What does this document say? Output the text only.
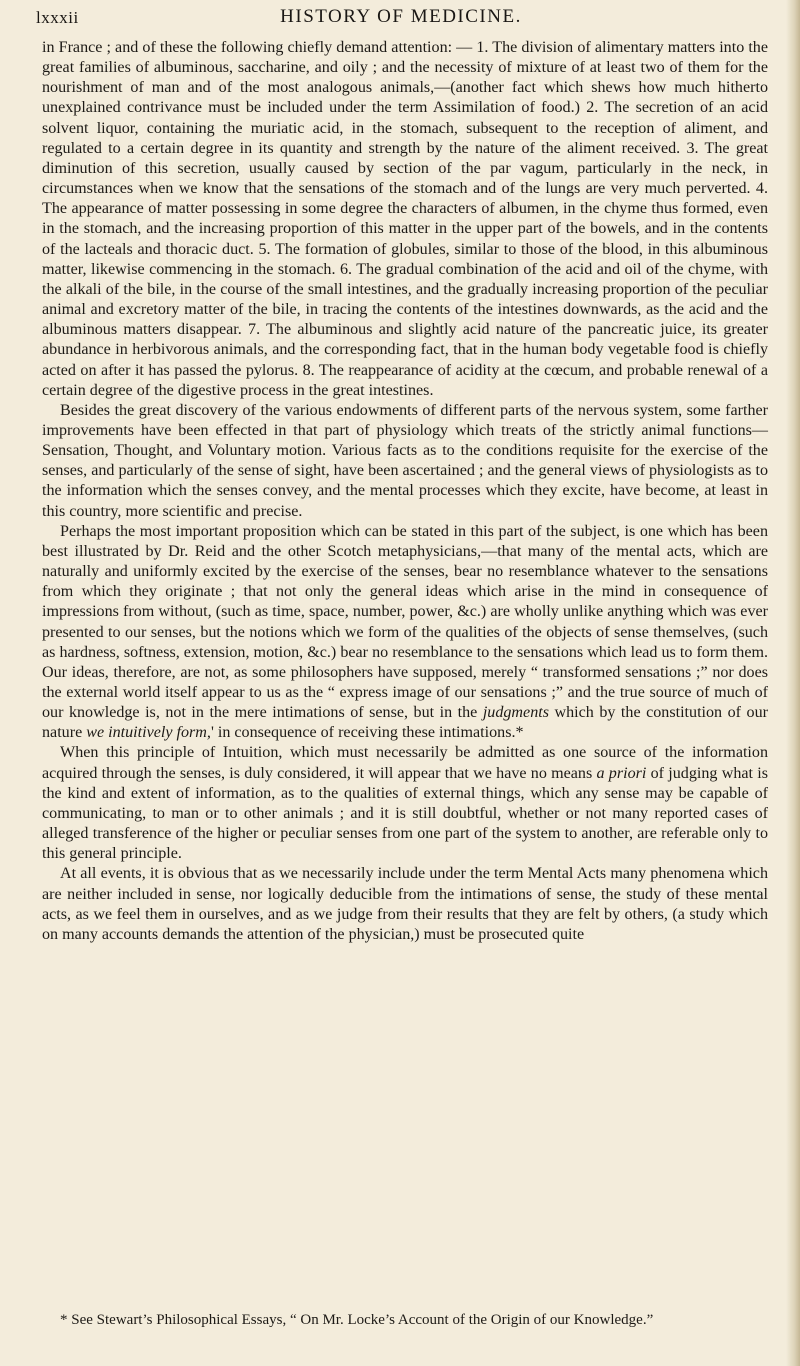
lxxxii	HISTORY OF MEDICINE.

in France ; and of these the following chiefly demand attention: — 1. The division of alimentary matters into the great families of albuminous, saccharine, and oily ; and the necessity of mixture of at least two of them for the nourishment of man and of the most analogous animals,—(another fact which shews how much hitherto unexplained contrivance must be included under the term Assimilation of food.) 2. The secretion of an acid solvent liquor, containing the muriatic acid, in the stomach, subsequent to the reception of aliment, and regulated to a certain degree in its quantity and strength by the nature of the aliment received. 3. The great diminution of this secretion, usually caused by section of the par vagum, particularly in the neck, in circumstances when we know that the sensations of the stomach and of the lungs are very much perverted. 4. The appearance of matter possessing in some degree the characters of albumen, in the chyme thus formed, even in the stomach, and the increasing proportion of this matter in the upper part of the bowels, and in the contents of the lacteals and thoracic duct. 5. The formation of globules, similar to those of the blood, in this albuminous matter, likewise commencing in the stomach. 6. The gradual combination of the acid and oil of the chyme, with the alkali of the bile, in the course of the small intestines, and the gradually increasing proportion of the peculiar animal and excretory matter of the bile, in tracing the contents of the intestines downwards, as the acid and the albuminous matters disappear. 7. The albuminous and slightly acid nature of the pancreatic juice, its greater abundance in herbivorous animals, and the corresponding fact, that in the human body vegetable food is chiefly acted on after it has passed the pylorus. 8. The reappearance of acidity at the cœcum, and probable renewal of a certain degree of the digestive process in the great intestines.

Besides the great discovery of the various endowments of different parts of the nervous system, some farther improvements have been effected in that part of physiology which treats of the strictly animal functions—Sensation, Thought, and Voluntary motion. Various facts as to the conditions requisite for the exercise of the senses, and particularly of the sense of sight, have been ascertained ; and the general views of physiologists as to the information which the senses convey, and the mental processes which they excite, have become, at least in this country, more scientific and precise.

Perhaps the most important proposition which can be stated in this part of the subject, is one which has been best illustrated by Dr. Reid and the other Scotch metaphysicians,—that many of the mental acts, which are naturally and uniformly excited by the exercise of the senses, bear no resemblance whatever to the sensations from which they originate ; that not only the general ideas which arise in the mind in consequence of impressions from without, (such as time, space, number, power, &c.) are wholly unlike anything which was ever presented to our senses, but the notions which we form of the qualities of the objects of sense themselves, (such as hardness, softness, extension, motion, &c.) bear no resemblance to the sensations which lead us to form them. Our ideas, therefore, are not, as some philosophers have supposed, merely “ transformed sensations ;” nor does the external world itself appear to us as the “ express image of our sensations ;” and the true source of much of our knowledge is, not in the mere intimations of sense, but in the judgments which by the constitution of our nature we intuitively form,' in consequence of receiving these intimations.*

When this principle of Intuition, which must necessarily be admitted as one source of the information acquired through the senses, is duly considered, it will appear that we have no means a priori of judging what is the kind and extent of information, as to the qualities of external things, which any sense may be capable of communicating, to man or to other animals ; and it is still doubtful, whether or not many reported cases of alleged transference of the higher or peculiar senses from one part of the system to another, are referable only to this general principle.

At all events, it is obvious that as we necessarily include under the term Mental Acts many phenomena which are neither included in sense, nor logically deducible from the intimations of sense, the study of these mental acts, as we feel them in ourselves, and as we judge from their results that they are felt by others, (a study which on many accounts demands the attention of the physician,) must be prosecuted quite

* See Stewart’s Philosophical Essays, “ On Mr. Locke’s Account of the Origin of our Knowledge.”
